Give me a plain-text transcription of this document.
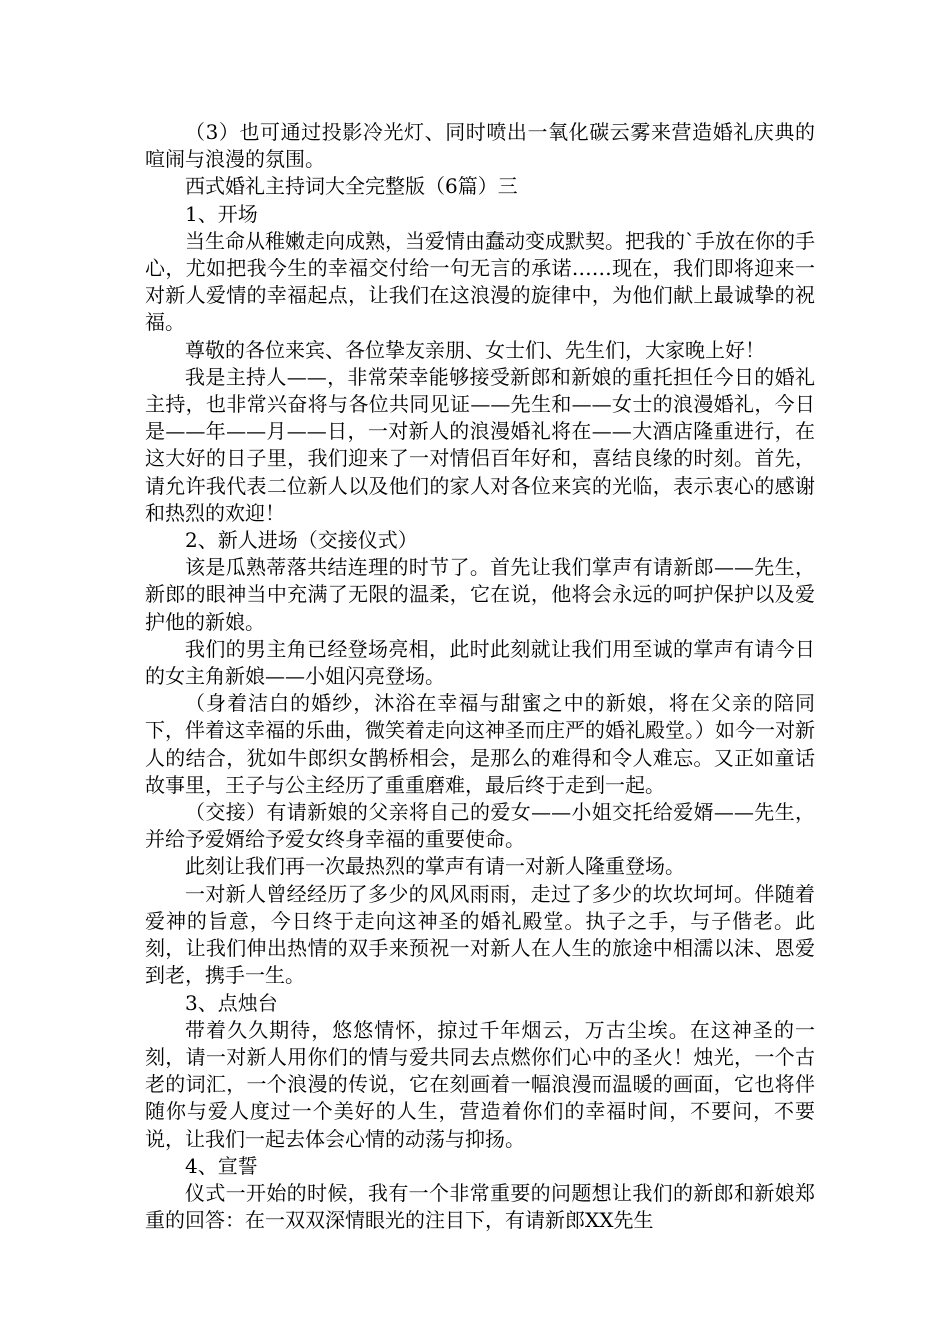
（3）也可通过投影冷光灯、同时喷出一氧化碳云雾来营造婚礼庆典的喧闹与浪漫的氛围。

西式婚礼主持词大全完整版（6篇）三

1、开场

当生命从稚嫩走向成熟，当爱情由蠢动变成默契。把我的`手放在你的手心，尤如把我今生的幸福交付给一句无言的承诺……现在，我们即将迎来一对新人爱情的幸福起点，让我们在这浪漫的旋律中，为他们献上最诚挚的祝福。

尊敬的各位来宾、各位挚友亲朋、女士们、先生们，大家晚上好！

我是主持人——，非常荣幸能够接受新郎和新娘的重托担任今日的婚礼主持，也非常兴奋将与各位共同见证——先生和——女士的浪漫婚礼，今日是——年——月——日，一对新人的浪漫婚礼将在——大酒店隆重进行，在这大好的日子里，我们迎来了一对情侣百年好和，喜结良缘的时刻。首先，请允许我代表二位新人以及他们的家人对各位来宾的光临，表示衷心的感谢和热烈的欢迎！

2、新人进场（交接仪式）

该是瓜熟蒂落共结连理的时节了。首先让我们掌声有请新郎——先生，新郎的眼神当中充满了无限的温柔，它在说，他将会永远的呵护保护以及爱护他的新娘。

我们的男主角已经登场亮相，此时此刻就让我们用至诚的掌声有请今日的女主角新娘——小姐闪亮登场。

（身着洁白的婚纱，沐浴在幸福与甜蜜之中的新娘，将在父亲的陪同下，伴着这幸福的乐曲，微笑着走向这神圣而庄严的婚礼殿堂。）如今一对新人的结合，犹如牛郎织女鹊桥相会，是那么的难得和令人难忘。又正如童话故事里，王子与公主经历了重重磨难，最后终于走到一起。

（交接）有请新娘的父亲将自己的爱女——小姐交托给爱婿——先生，并给予爱婿给予爱女终身幸福的重要使命。

此刻让我们再一次最热烈的掌声有请一对新人隆重登场。

一对新人曾经经历了多少的风风雨雨，走过了多少的坎坎坷坷。伴随着爱神的旨意，今日终于走向这神圣的婚礼殿堂。执子之手，与子偕老。此刻，让我们伸出热情的双手来预祝一对新人在人生的旅途中相濡以沫、恩爱到老，携手一生。

3、点烛台

带着久久期待，悠悠情怀，掠过千年烟云，万古尘埃。在这神圣的一刻，请一对新人用你们的情与爱共同去点燃你们心中的圣火！烛光，一个古老的词汇，一个浪漫的传说，它在刻画着一幅浪漫而温暖的画面，它也将伴随你与爱人度过一个美好的人生，营造着你们的幸福时间，不要问，不要说，让我们一起去体会心情的动荡与抑扬。

4、宣誓

仪式一开始的时候，我有一个非常重要的问题想让我们的新郎和新娘郑重的回答：在一双双深情眼光的注目下，有请新郎XX先生
